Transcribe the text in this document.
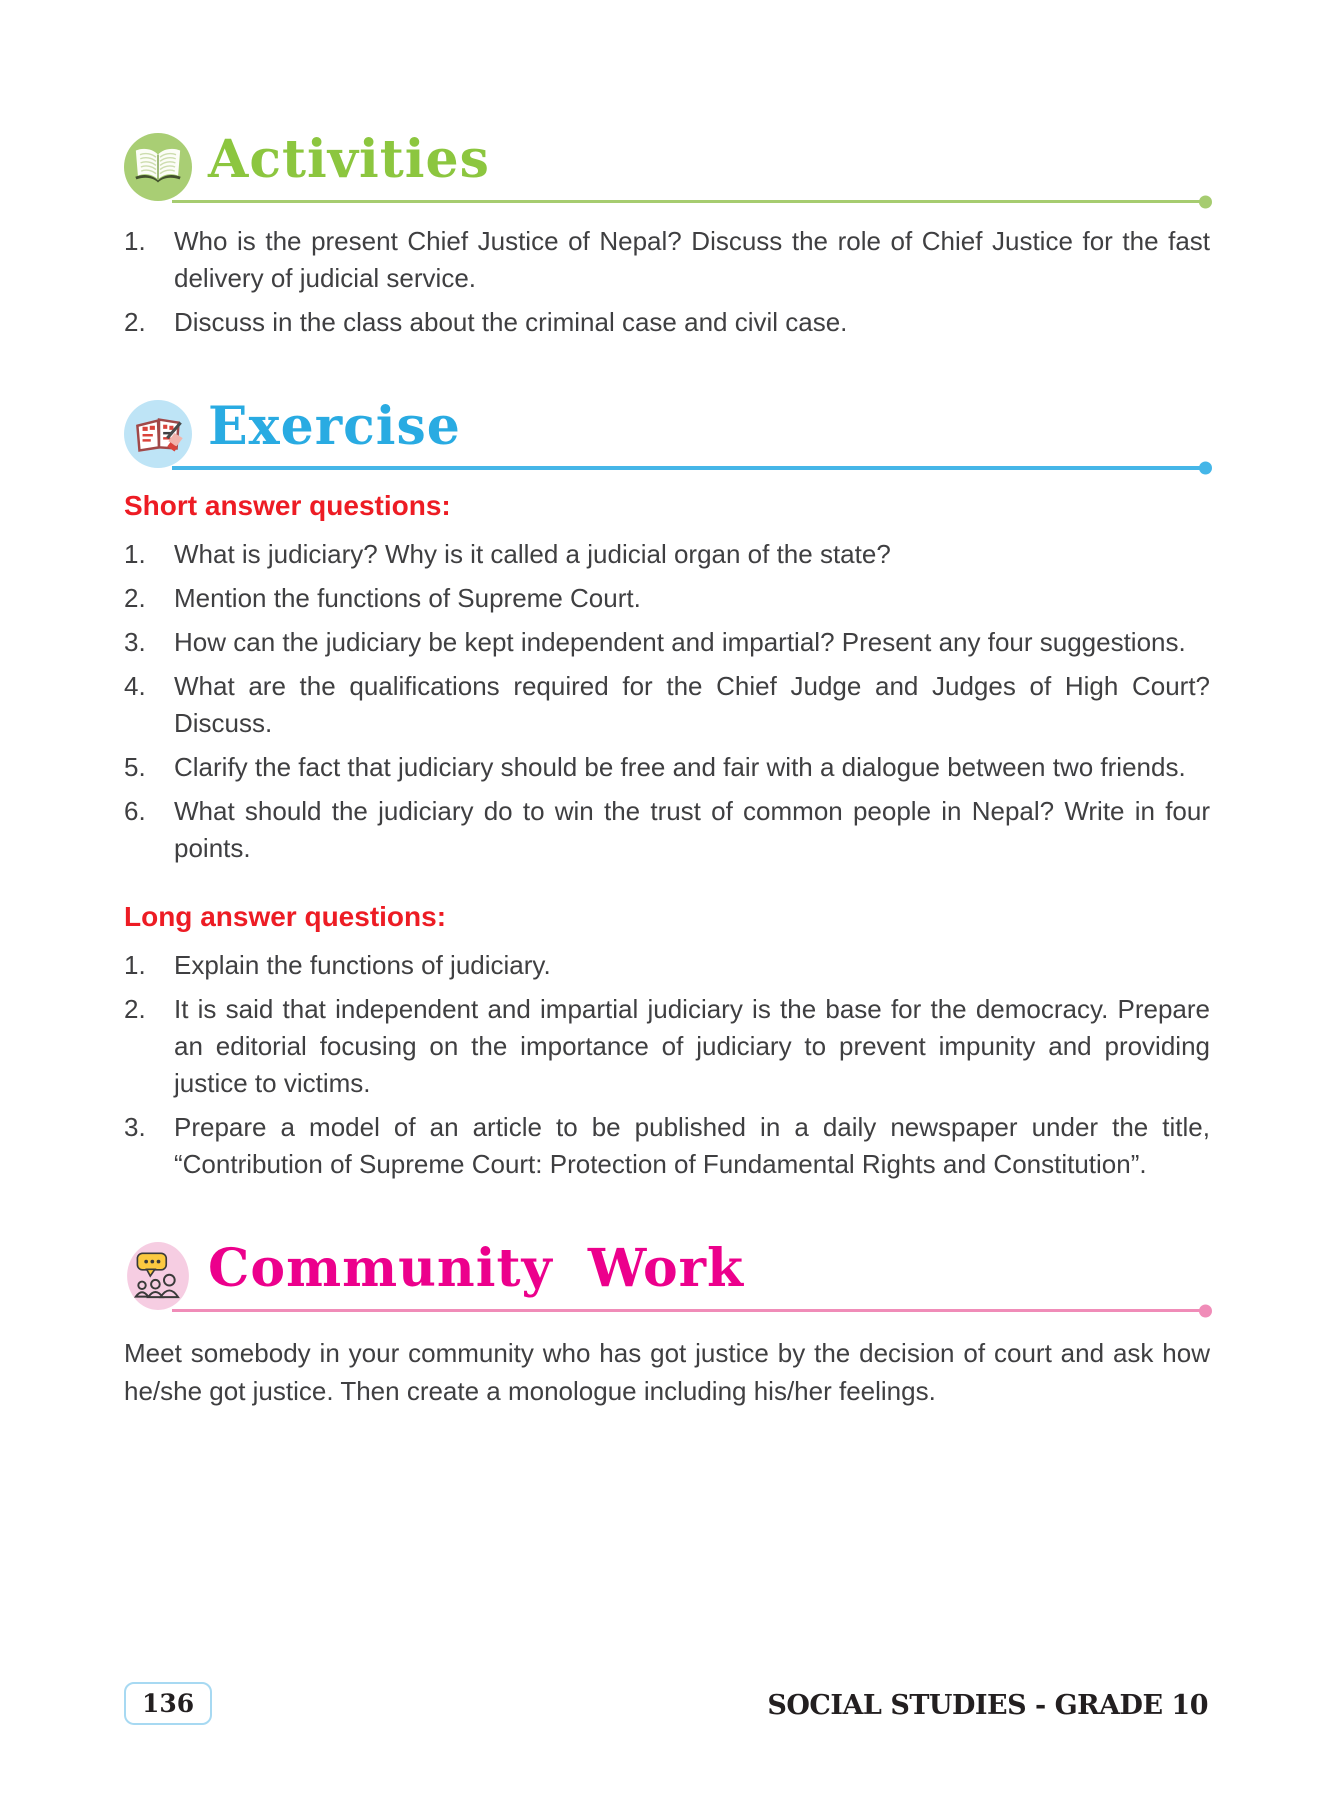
Activities
1.	Who is the present Chief Justice of Nepal? Discuss the role of Chief Justice for the fast delivery of judicial service.
2.	Discuss in the class about the criminal case and civil case.
Exercise
Short answer questions:
1.	What is judiciary? Why is it called a judicial organ of the state?
2.	Mention the functions of Supreme Court.
3.	How can the judiciary be kept independent and impartial? Present any four suggestions.
4.	What are the qualifications required for the Chief Judge and Judges of High Court? Discuss.
5.	Clarify the fact that judiciary should be free and fair with a dialogue between two friends.
6.	What should the judiciary do to win the trust of common people in Nepal? Write in four points.
Long answer questions:
1.	Explain the functions of judiciary.
2.	It is said that independent and impartial judiciary is the base for the democracy. Prepare an editorial focusing on the importance of judiciary to prevent impunity and providing justice to victims.
3.	Prepare a model of an article to be published in a daily newspaper under the title, “Contribution of Supreme Court: Protection of Fundamental Rights and Constitution”.
Community Work
Meet somebody in your community who has got justice by the decision of court and ask how he/she got justice. Then create a monologue including his/her feelings.
136	SOCIAL STUDIES - GRADE 10
